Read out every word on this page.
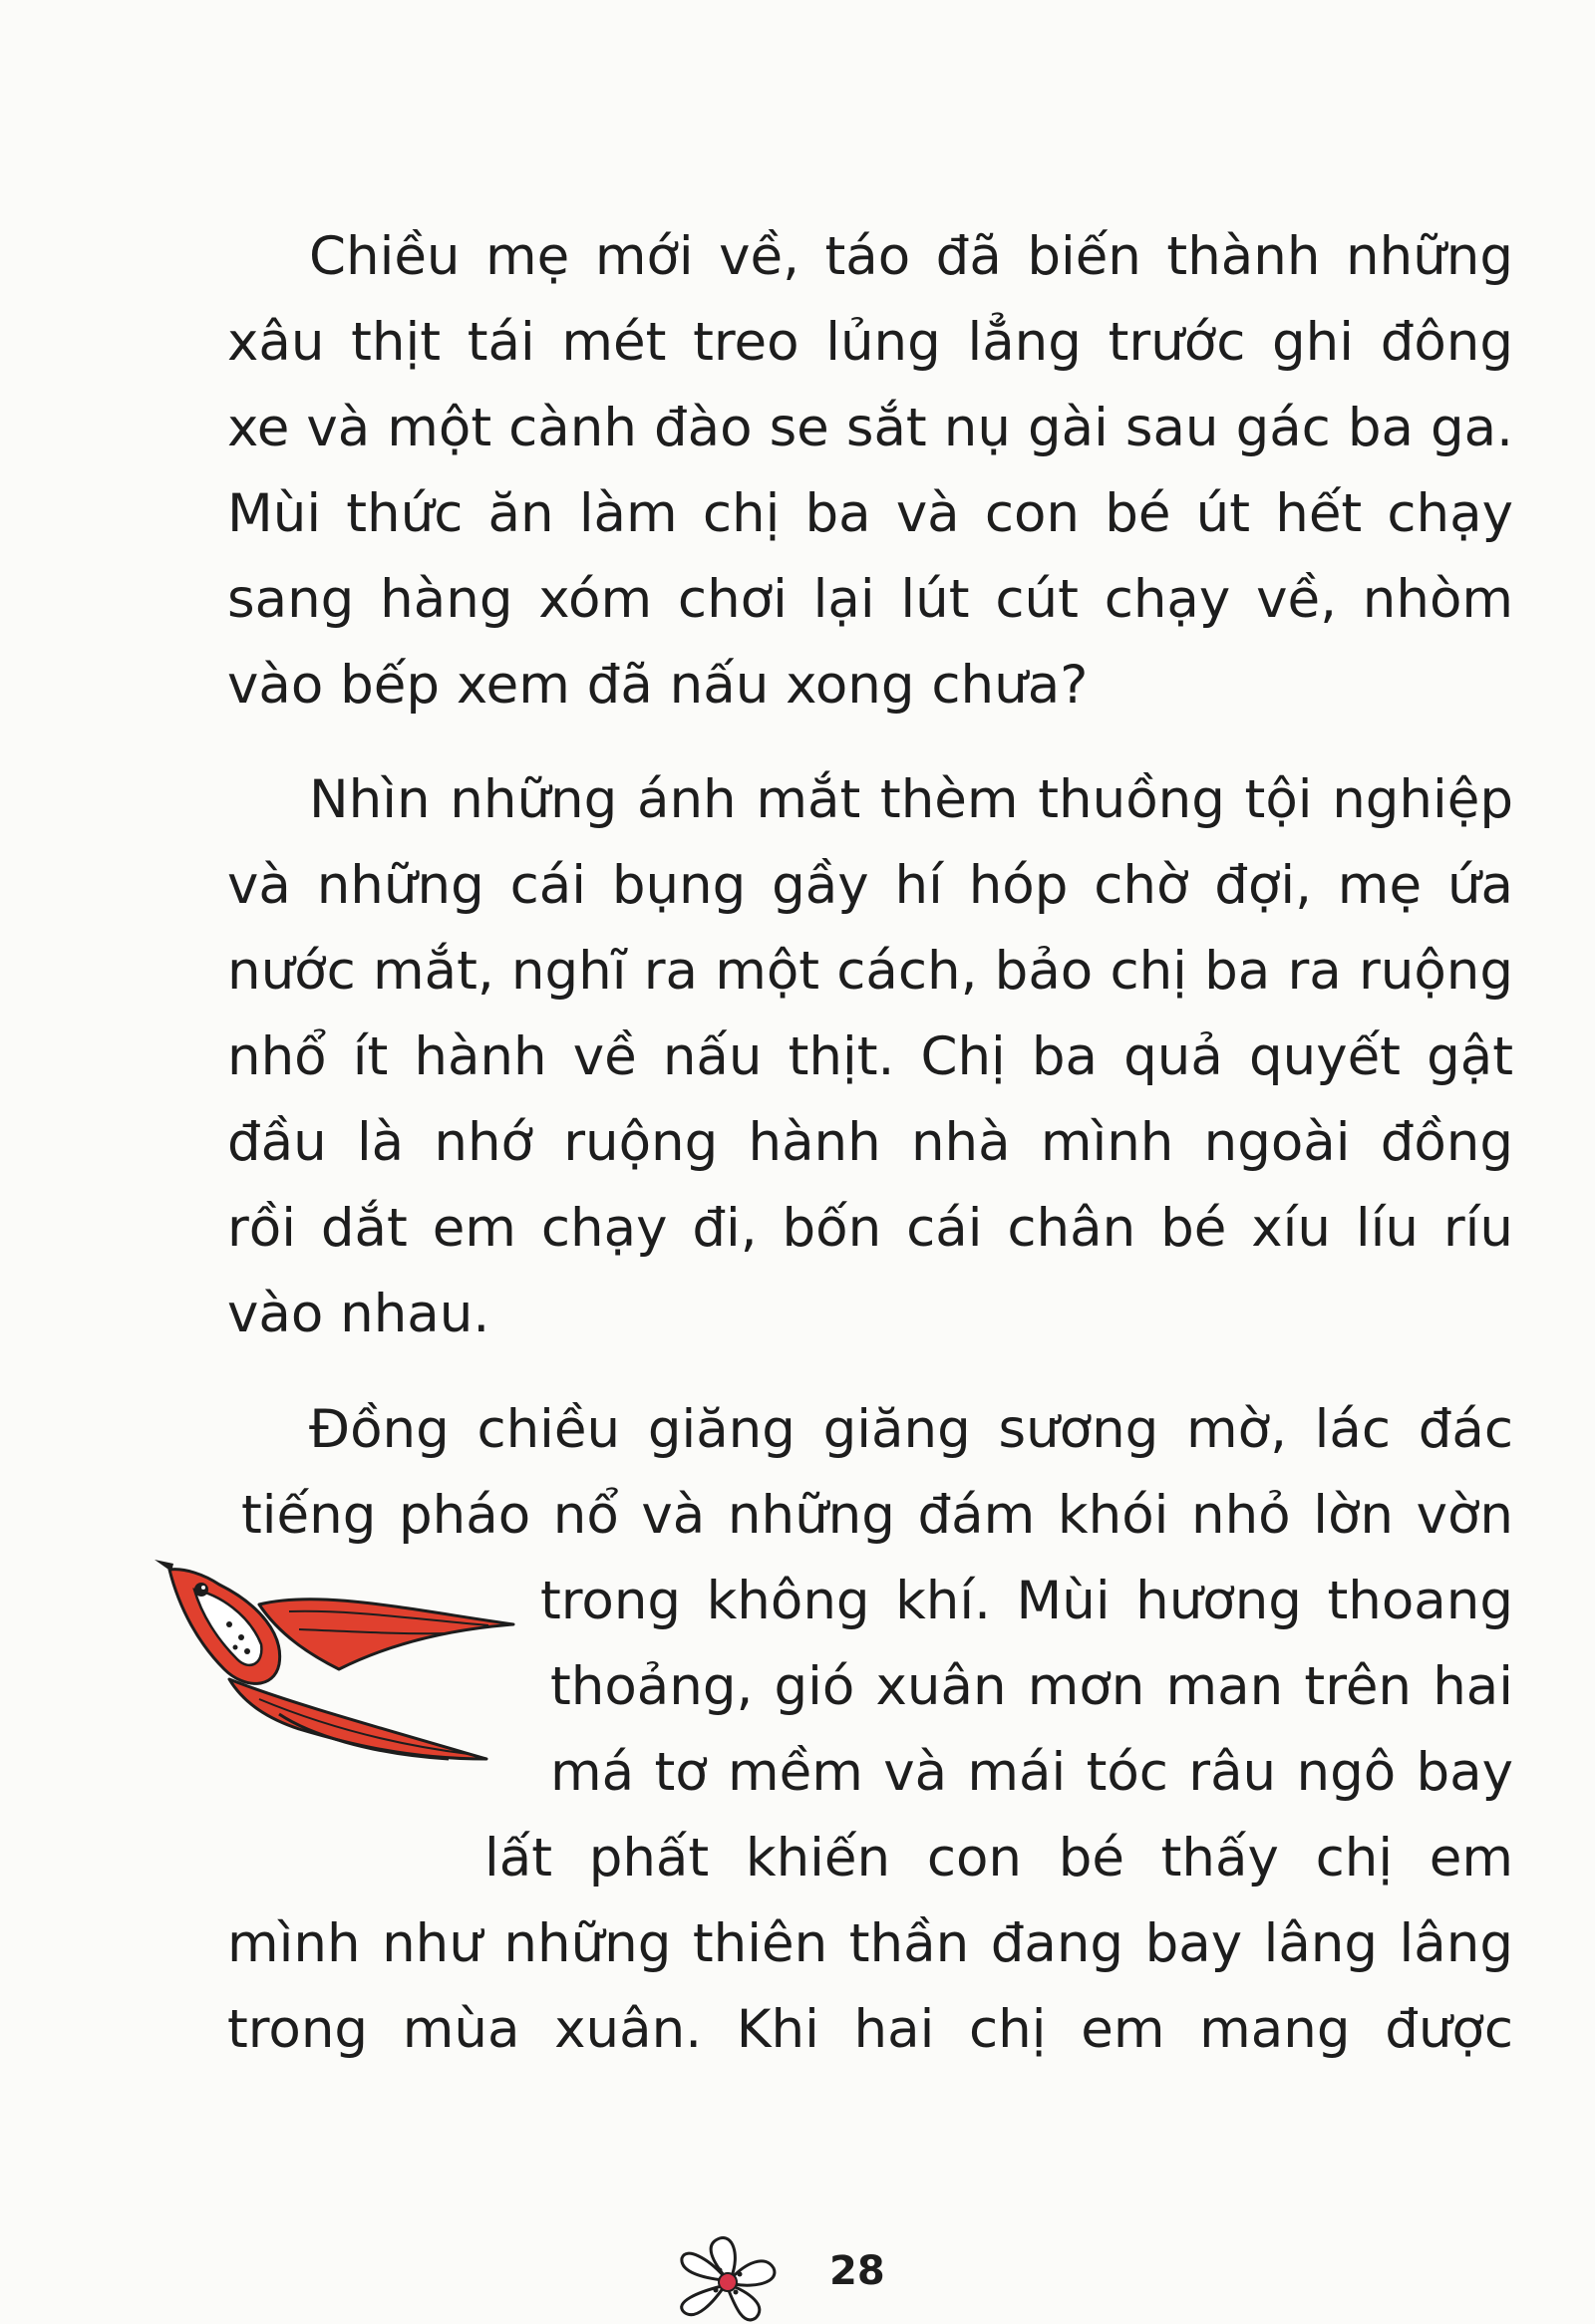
Chiều mẹ mới về, táo đã biến thành những
xâu thịt tái mét treo lủng lẳng trước ghi đông
xe và một cành đào se sắt nụ gài sau gác ba ga.
Mùi thức ăn làm chị ba và con bé út hết chạy
sang hàng xóm chơi lại lút cút chạy về, nhòm
vào bếp xem đã nấu xong chưa?
Nhìn những ánh mắt thèm thuồng tội nghiệp
và những cái bụng gầy hí hóp chờ đợi, mẹ ứa
nước mắt, nghĩ ra một cách, bảo chị ba ra ruộng
nhổ ít hành về nấu thịt. Chị ba quả quyết gật
đầu là nhớ ruộng hành nhà mình ngoài đồng
rồi dắt em chạy đi, bốn cái chân bé xíu líu ríu
vào nhau.
Đồng chiều giăng giăng sương mờ, lác đác
tiếng pháo nổ và những đám khói nhỏ lờn vờn
trong không khí. Mùi hương thoang
thoảng, gió xuân mơn man trên hai
má tơ mềm và mái tóc râu ngô bay
lất phất khiến con bé thấy chị em
mình như những thiên thần đang bay lâng lâng
trong mùa xuân. Khi hai chị em mang được
28
